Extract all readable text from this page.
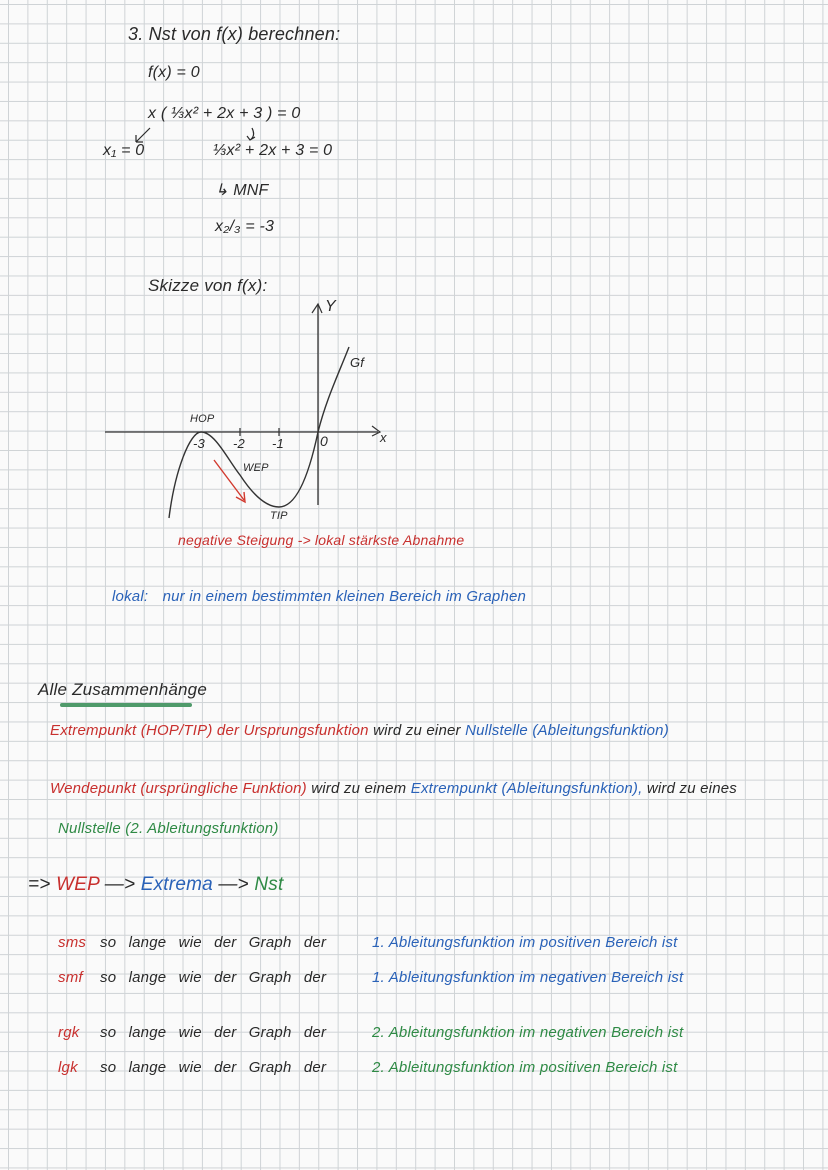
3. Nst von f(x) berechnen:
f(x) = 0
x ( ⅓x² + 2x + 3 ) = 0
x₁ = 0	⅓x² + 2x + 3 = 0
↳ MNF
x₂/₃ = -3
Skizze von f(x):
Y
x
-3 -2 -1	0
HOP
WEP
TIP
Gf
negative Steigung -> lokal stärkste Abnahme
lokal: nur in einem bestimmten kleinen Bereich im Graphen
Alle Zusammenhänge
Extrempunkt (HOP/TIP) der Ursprungsfunktion wird zu einer Nullstelle (Ableitungsfunktion)
Wendepunkt (ursprüngliche Funktion) wird zu einem Extrempunkt (Ableitungsfunktion), wird zu eines
Nullstelle (2. Ableitungsfunktion)
=> WEP —> Extrema —> Nst
sms so lange wie der Graph der	1. Ableitungsfunktion im positiven Bereich ist
smf so lange wie der Graph der	1. Ableitungsfunktion im negativen Bereich ist
rgk so lange wie der Graph der	2. Ableitungsfunktion im negativen Bereich ist
lgk so lange wie der Graph der	2. Ableitungsfunktion im positiven Bereich ist
